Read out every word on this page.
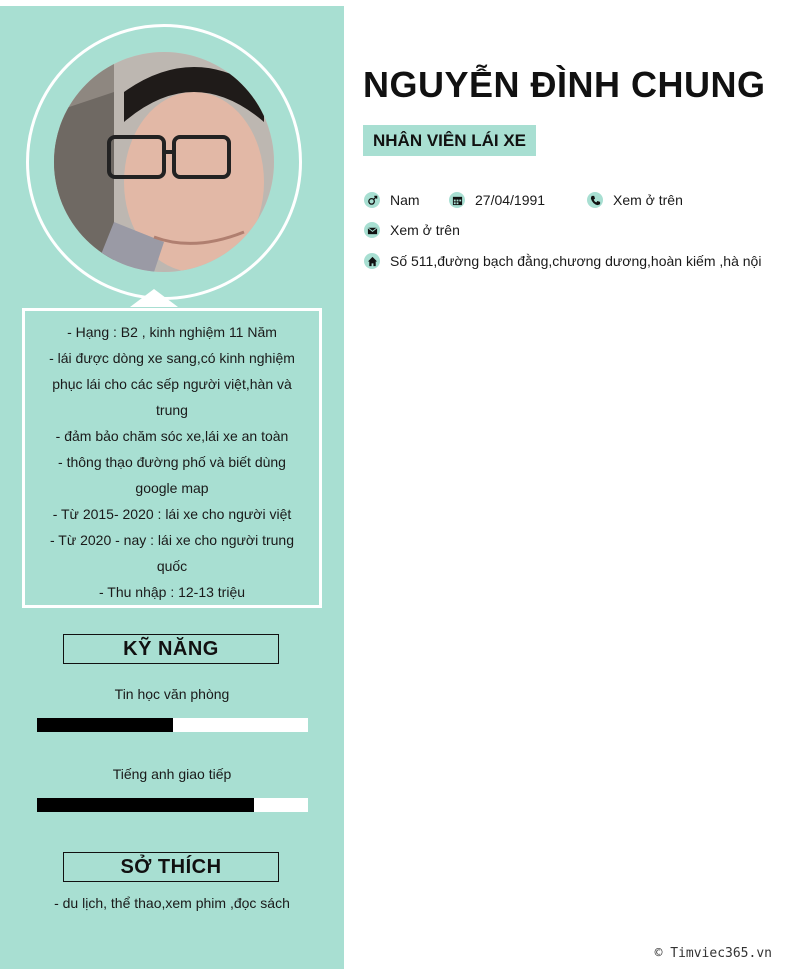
- Hạng : B2 , kinh nghiệm 11 Năm
- lái được dòng xe sang,có kinh nghiệm phục lái cho các sếp người việt,hàn và trung
- đảm bảo chăm sóc xe,lái xe an toàn
- thông thạo đường phố và biết dùng google map
- Từ 2015- 2020 : lái xe cho người việt
- Từ 2020 - nay : lái xe cho người trung quốc
- Thu nhập : 12-13 triệu
KỸ NĂNG
Tin học văn phòng
Tiếng anh giao tiếp
SỞ THÍCH
- du lịch, thể thao,xem phim ,đọc sách
NGUYỄN ĐÌNH CHUNG
NHÂN VIÊN LÁI XE
Nam	27/04/1991	Xem ở trên
Xem ở trên
Số 511,đường bạch đằng,chương dương,hoàn kiếm ,hà nội
© Timviec365.vn
